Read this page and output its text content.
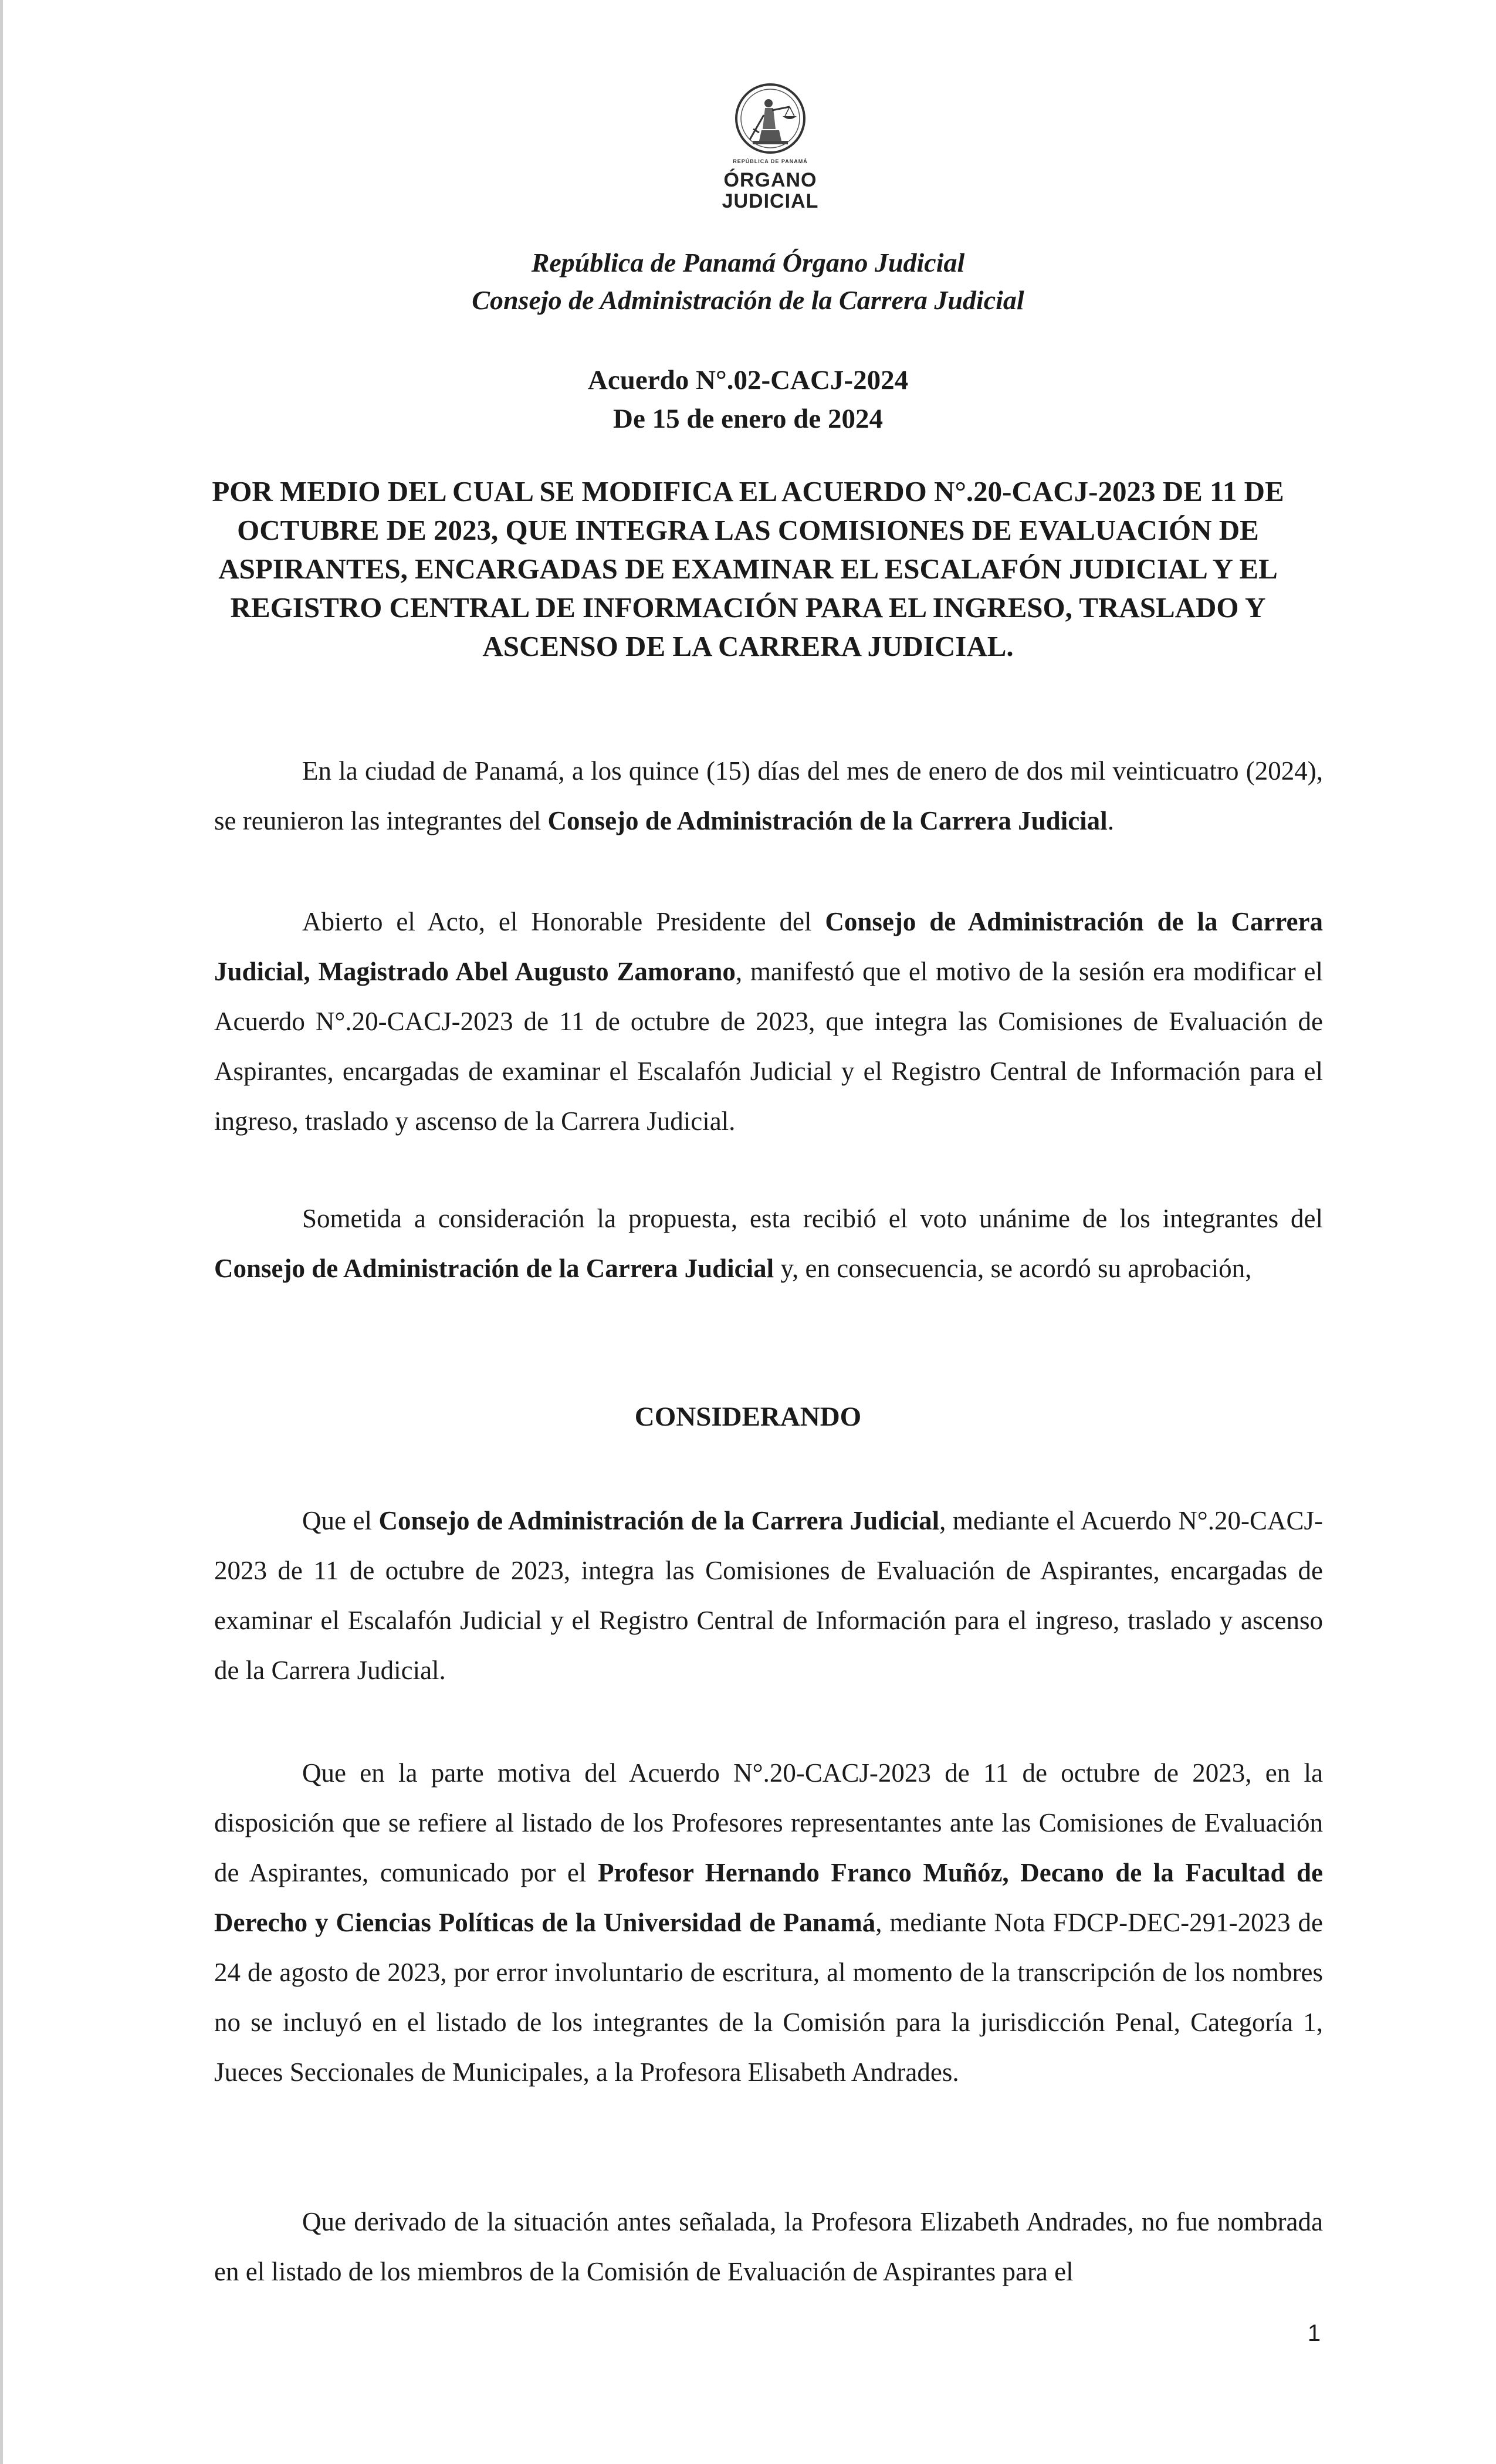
REPÚBLICA DE PANAMÁ
ÓRGANO
JUDICIAL
República de Panamá Órgano Judicial
Consejo de Administración de la Carrera Judicial
Acuerdo N°.02-CACJ-2024
De 15 de enero de 2024
POR MEDIO DEL CUAL SE MODIFICA EL ACUERDO N°.20-CACJ-2023 DE 11 DE OCTUBRE DE 2023, QUE INTEGRA LAS COMISIONES DE EVALUACIÓN DE ASPIRANTES, ENCARGADAS DE EXAMINAR EL ESCALAFÓN JUDICIAL Y EL REGISTRO CENTRAL DE INFORMACIÓN PARA EL INGRESO, TRASLADO Y ASCENSO DE LA CARRERA JUDICIAL.
En la ciudad de Panamá, a los quince (15) días del mes de enero de dos mil veinticuatro (2024), se reunieron las integrantes del Consejo de Administración de la Carrera Judicial.
Abierto el Acto, el Honorable Presidente del Consejo de Administración de la Carrera Judicial, Magistrado Abel Augusto Zamorano, manifestó que el motivo de la sesión era modificar el Acuerdo N°.20-CACJ-2023 de 11 de octubre de 2023, que integra las Comisiones de Evaluación de Aspirantes, encargadas de examinar el Escalafón Judicial y el Registro Central de Información para el ingreso, traslado y ascenso de la Carrera Judicial.
Sometida a consideración la propuesta, esta recibió el voto unánime de los integrantes del Consejo de Administración de la Carrera Judicial y, en consecuencia, se acordó su aprobación,
CONSIDERANDO
Que el Consejo de Administración de la Carrera Judicial, mediante el Acuerdo N°.20-CACJ-2023 de 11 de octubre de 2023, integra las Comisiones de Evaluación de Aspirantes, encargadas de examinar el Escalafón Judicial y el Registro Central de Información para el ingreso, traslado y ascenso de la Carrera Judicial.
Que en la parte motiva del Acuerdo N°.20-CACJ-2023 de 11 de octubre de 2023, en la disposición que se refiere al listado de los Profesores representantes ante las Comisiones de Evaluación de Aspirantes, comunicado por el Profesor Hernando Franco Muñóz, Decano de la Facultad de Derecho y Ciencias Políticas de la Universidad de Panamá, mediante Nota FDCP-DEC-291-2023 de 24 de agosto de 2023, por error involuntario de escritura, al momento de la transcripción de los nombres no se incluyó en el listado de los integrantes de la Comisión para la jurisdicción Penal, Categoría 1, Jueces Seccionales de Municipales, a la Profesora Elisabeth Andrades.
Que derivado de la situación antes señalada, la Profesora Elizabeth Andrades, no fue nombrada en el listado de los miembros de la Comisión de Evaluación de Aspirantes para el
1
